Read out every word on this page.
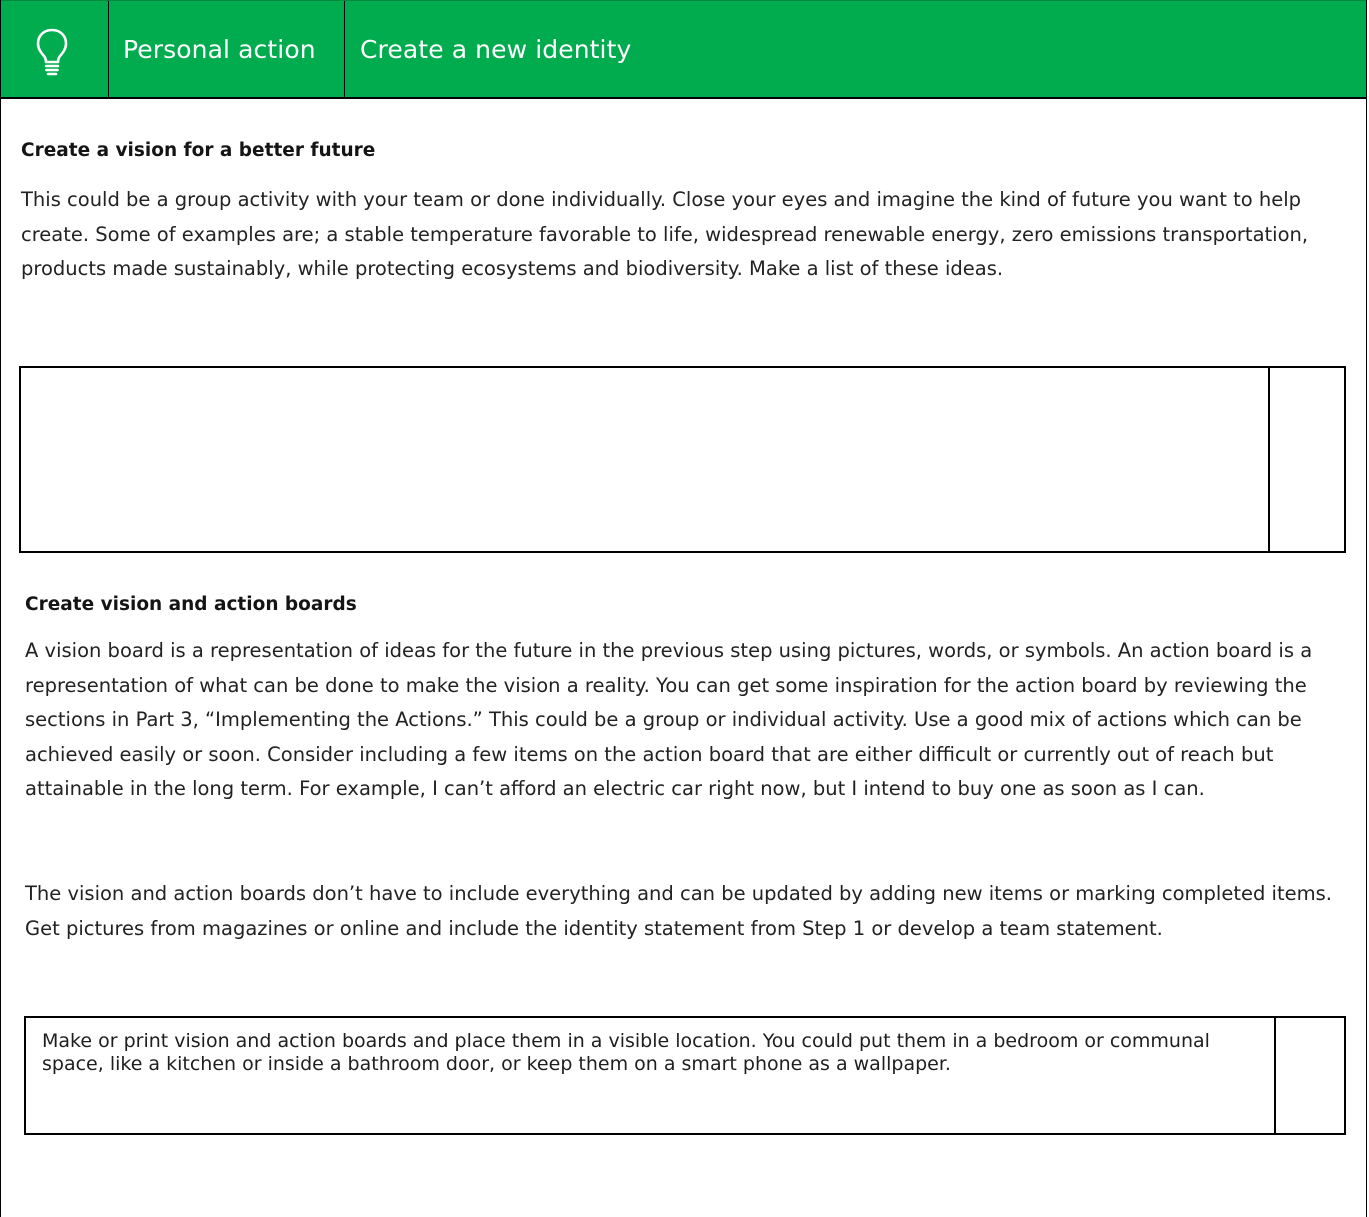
Personal action	Create a new identity
Create a vision for a better future
This could be a group activity with your team or done individually. Close your eyes and imagine the kind of future you want to help create. Some of examples are; a stable temperature favorable to life, widespread renewable energy, zero emissions transportation, products made sustainably, while protecting ecosystems and biodiversity. Make a list of these ideas.
Create vision and action boards
A vision board is a representation of ideas for the future in the previous step using pictures, words, or symbols. An action board is a representation of what can be done to make the vision a reality. You can get some inspiration for the action board by reviewing the sections in Part 3, “Implementing the Actions.” This could be a group or individual activity. Use a good mix of actions which can be achieved easily or soon. Consider including a few items on the action board that are either difficult or currently out of reach but attainable in the long term. For example, I can’t afford an electric car right now, but I intend to buy one as soon as I can.
The vision and action boards don’t have to include everything and can be updated by adding new items or marking completed items. Get pictures from magazines or online and include the identity statement from Step 1 or develop a team statement.
Make or print vision and action boards and place them in a visible location. You could put them in a bedroom or communal space, like a kitchen or inside a bathroom door, or keep them on a smart phone as a wallpaper.
